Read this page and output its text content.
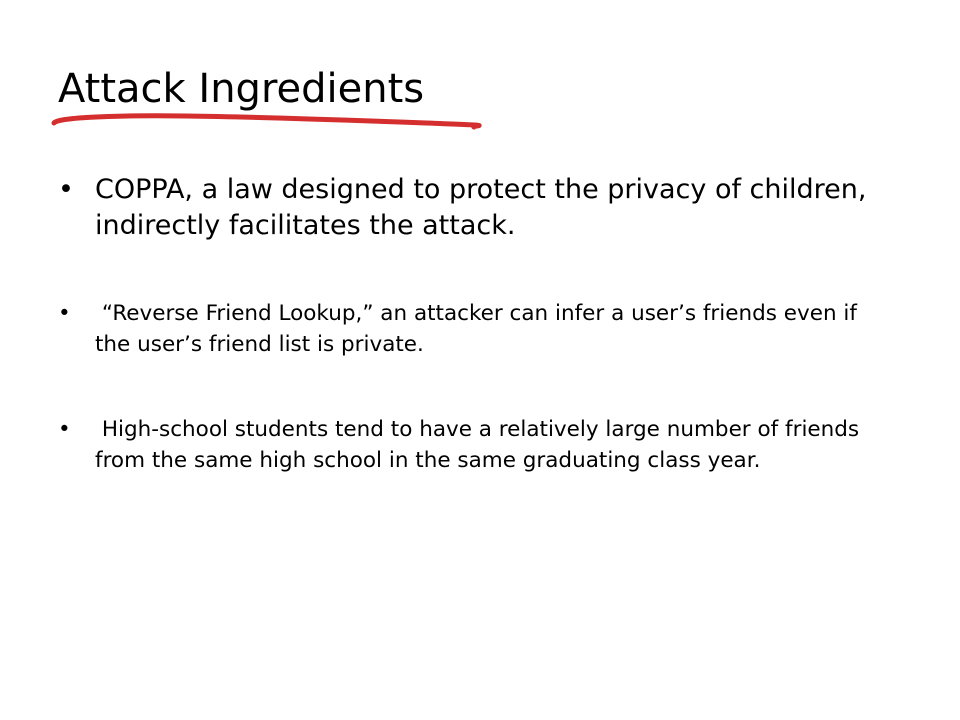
Attack Ingredients
• COPPA, a law designed to protect the privacy of children, indirectly facilitates the attack.
• “Reverse Friend Lookup,” an attacker can infer a user’s friends even if the user’s friend list is private.
• High-school students tend to have a relatively large number of friends from the same high school in the same graduating class year.
